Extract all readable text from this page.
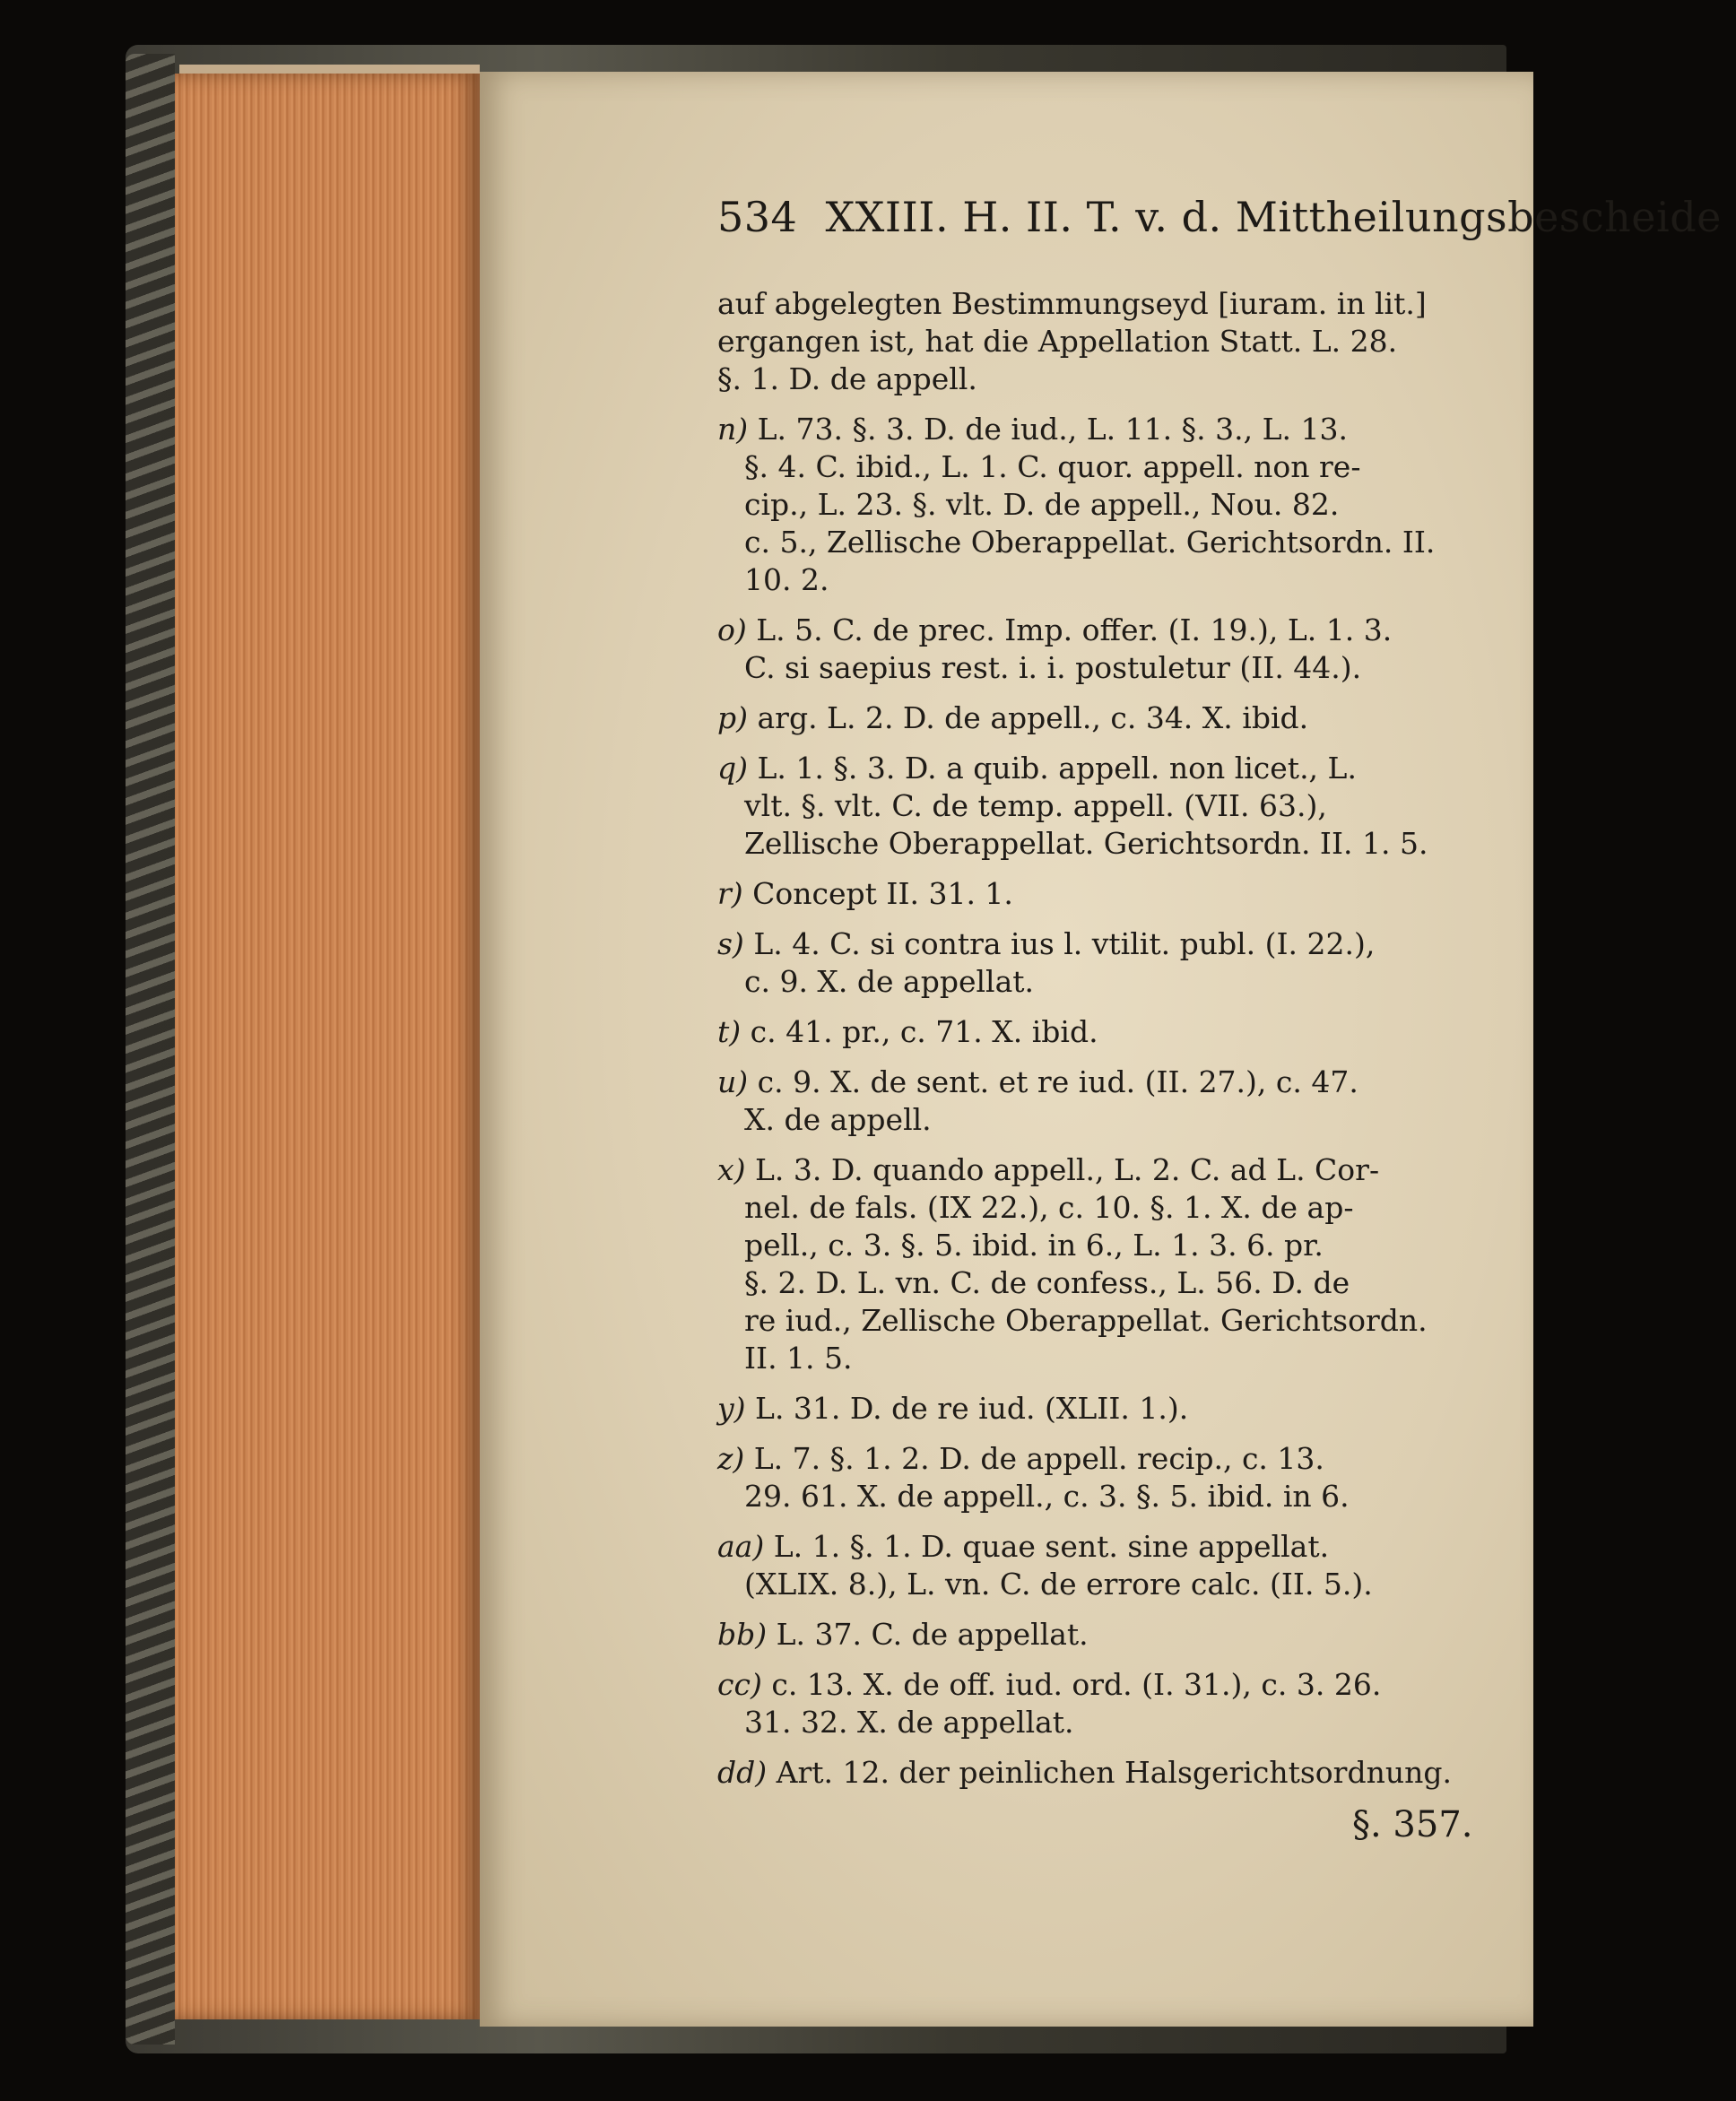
534 XXIII. H. II. T. v. d. Mittheilungsbescheide
auf abgelegten Bestimmungseyd [iuram. in lit.]
ergangen ist, hat die Appellation Statt. L. 28.
§. 1. D. de appell.
n) L. 73. §. 3. D. de iud., L. 11. §. 3., L. 13.
§. 4. C. ibid., L. 1. C. quor. appell. non re-
cip., L. 23. §. vlt. D. de appell., Nou. 82.
c. 5., Zellische Oberappellat. Gerichtsordn. II.
10. 2.
o) L. 5. C. de prec. Imp. offer. (I. 19.), L. 1. 3.
C. si saepius rest. i. i. postuletur (II. 44.).
p) arg. L. 2. D. de appell., c. 34. X. ibid.
q) L. 1. §. 3. D. a quib. appell. non licet., L.
vlt. §. vlt. C. de temp. appell. (VII. 63.),
Zellische Oberappellat. Gerichtsordn. II. 1. 5.
r) Concept II. 31. 1.
s) L. 4. C. si contra ius l. vtilit. publ. (I. 22.),
c. 9. X. de appellat.
t) c. 41. pr., c. 71. X. ibid.
u) c. 9. X. de sent. et re iud. (II. 27.), c. 47.
X. de appell.
x) L. 3. D. quando appell., L. 2. C. ad L. Cor-
nel. de fals. (IX 22.), c. 10. §. 1. X. de ap-
pell., c. 3. §. 5. ibid. in 6., L. 1. 3. 6. pr.
§. 2. D. L. vn. C. de confess., L. 56. D. de
re iud., Zellische Oberappellat. Gerichtsordn.
II. 1. 5.
y) L. 31. D. de re iud. (XLII. 1.).
z) L. 7. §. 1. 2. D. de appell. recip., c. 13.
29. 61. X. de appell., c. 3. §. 5. ibid. in 6.
aa) L. 1. §. 1. D. quae sent. sine appellat.
(XLIX. 8.), L. vn. C. de errore calc. (II. 5.).
bb) L. 37. C. de appellat.
cc) c. 13. X. de off. iud. ord. (I. 31.), c. 3. 26.
31. 32. X. de appellat.
dd) Art. 12. der peinlichen Halsgerichtsordnung.
§. 357.
